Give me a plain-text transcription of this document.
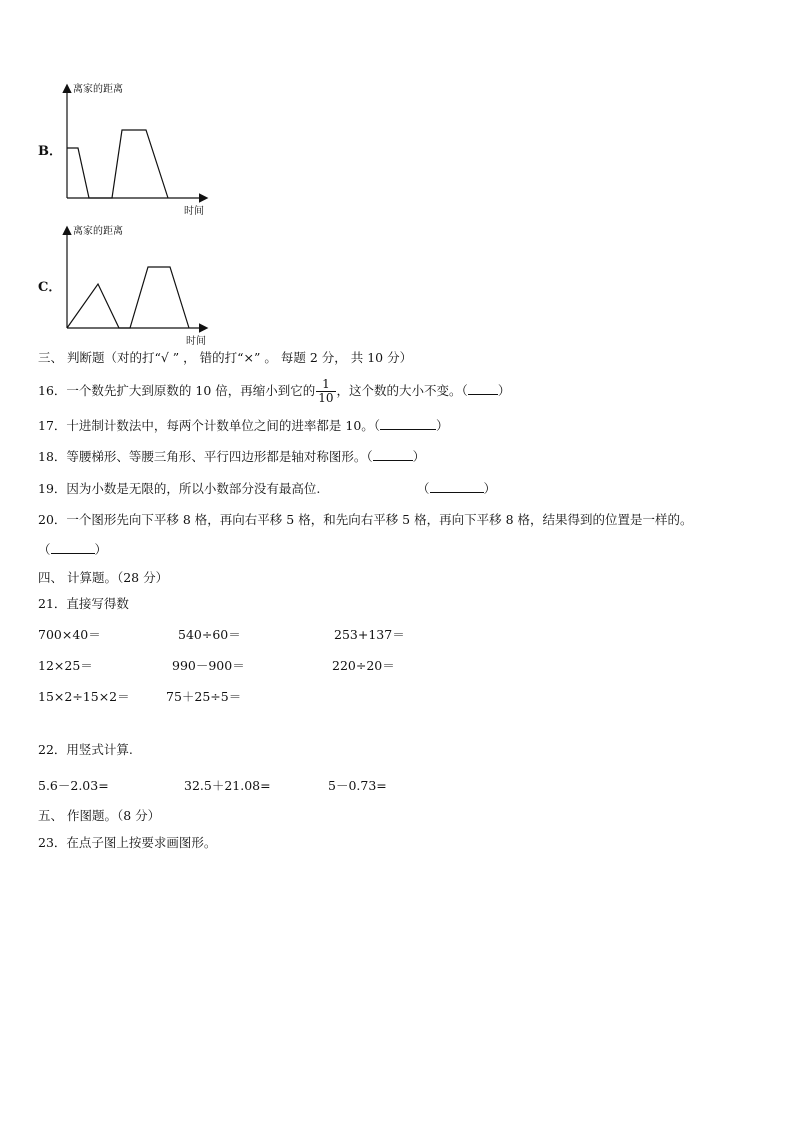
B．
离家的距离
时间
C．
离家的距离
时间
三、 判断题（对的打“√ ” ， 错的打“×” 。 每题 2 分， 共 10 分）
16．一个数先扩大到原数的 10 倍，再缩小到它的 $\frac{1}{10}$ ，这个数的大小不变。（ ）
17．十进制计数法中，每两个计数单位之间的进率都是 10。（	）
18．等腰梯形、等腰三角形、平行四边形都是轴对称图形。（	）
19．因为小数是无限的，所以小数部分没有最高位.	（	）
20．一个图形先向下平移 8 格，再向右平移 5 格，和先向右平移 5 格，再向下平移 8 格，结果得到的位置是一样的。
（	）
四、 计算题。（28 分）
21．直接写得数
700×40＝	540÷60＝	253+137＝
12×25＝	990－900＝	220÷20＝
15×2÷15×2＝	75＋25÷5＝
22．用竖式计算.
5.6－2.03=	32.5＋21.08=	5－0.73=
五、 作图题。（8 分）
23．在点子图上按要求画图形。
